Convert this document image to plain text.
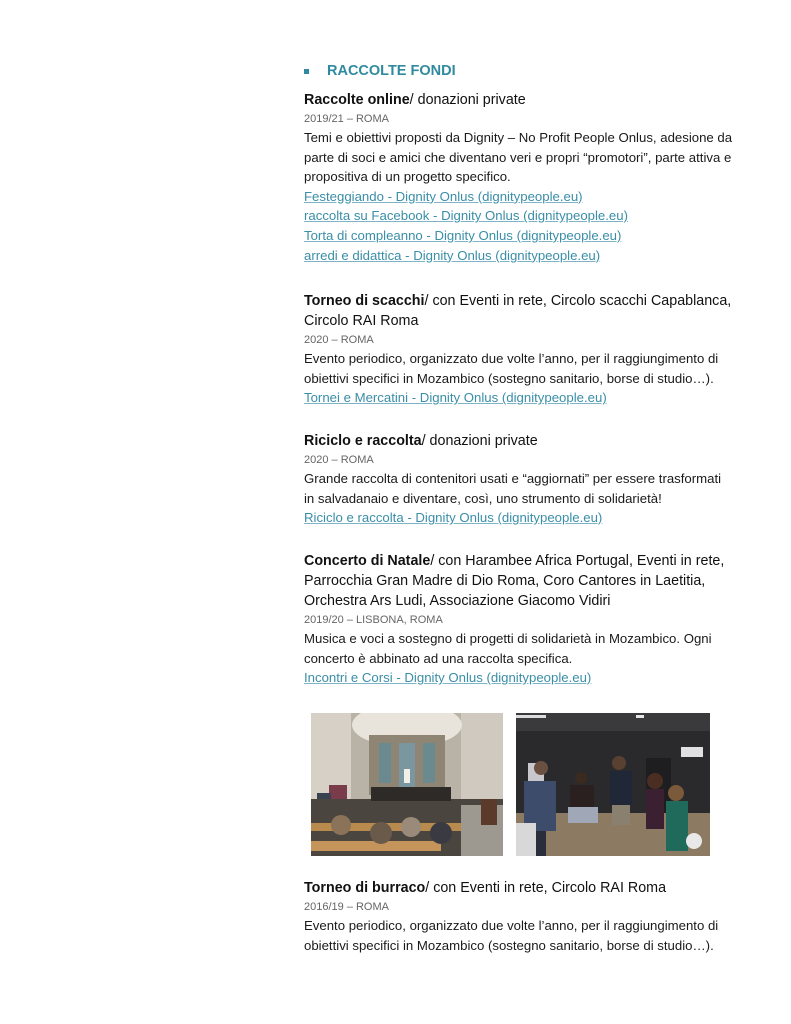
RACCOLTE FONDI
Raccolte online/ donazioni private
2019/21 – ROMA
Temi e obiettivi proposti da Dignity – No Profit People Onlus, adesione da parte di soci e amici che diventano veri e propri “promotori”, parte attiva e propositiva di un progetto specifico.
Festeggiando - Dignity Onlus (dignitypeople.eu)
raccolta su Facebook - Dignity Onlus (dignitypeople.eu)
Torta di compleanno - Dignity Onlus (dignitypeople.eu)
arredi e didattica - Dignity Onlus (dignitypeople.eu)
Torneo di scacchi/ con Eventi in rete, Circolo scacchi Capablanca, Circolo RAI Roma
2020 – ROMA
Evento periodico, organizzato due volte l’anno, per il raggiungimento di obiettivi specifici in Mozambico (sostegno sanitario, borse di studio…).
Tornei e Mercatini - Dignity Onlus (dignitypeople.eu)
Riciclo e raccolta/ donazioni private
2020 – ROMA
Grande raccolta di contenitori usati e “aggiornati” per essere trasformati in salvadanaio e diventare, così, uno strumento di solidarietà!
Riciclo e raccolta - Dignity Onlus (dignitypeople.eu)
Concerto di Natale/ con Harambee Africa Portugal, Eventi in rete, Parrocchia Gran Madre di Dio Roma, Coro Cantores in Laetitia, Orchestra Ars Ludi, Associazione Giacomo Vidiri
2019/20 – LISBONA, ROMA
Musica e voci a sostegno di progetti di solidarietà in Mozambico. Ogni concerto è abbinato ad una raccolta specifica.
Incontri e Corsi - Dignity Onlus (dignitypeople.eu)
Torneo di burraco/ con Eventi in rete, Circolo RAI Roma
2016/19 – ROMA
Evento periodico, organizzato due volte l’anno, per il raggiungimento di obiettivi specifici in Mozambico (sostegno sanitario, borse di studio…).
